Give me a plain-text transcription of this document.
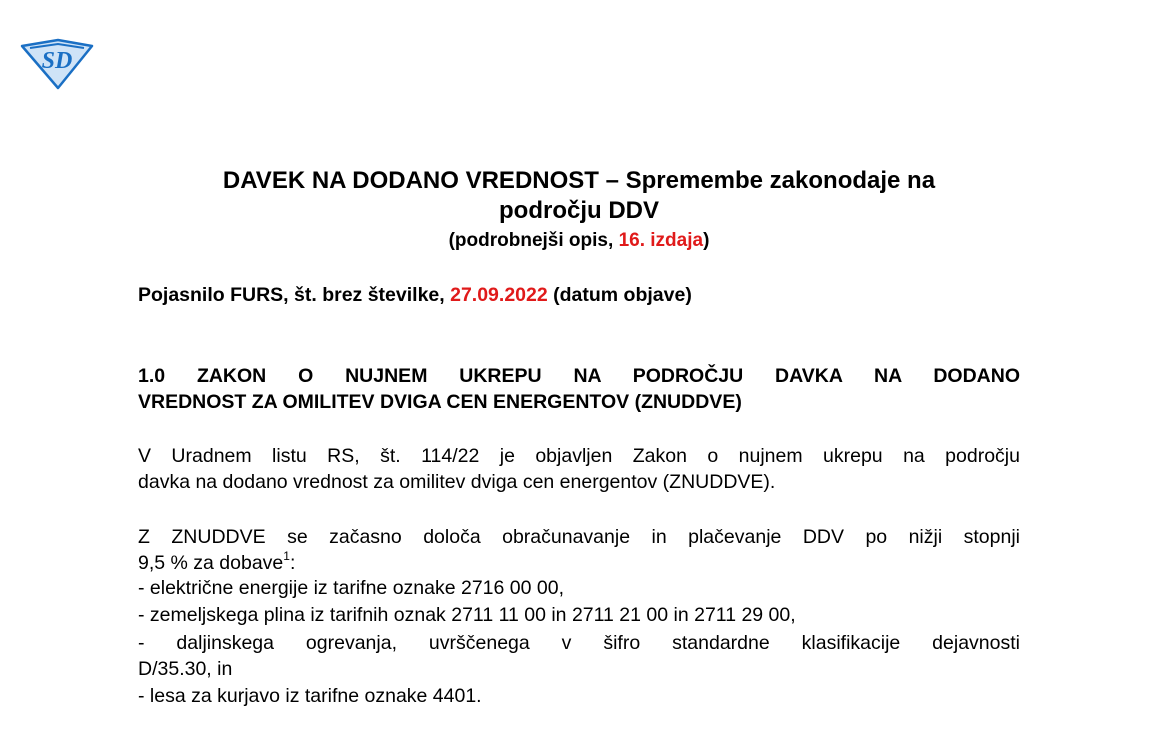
SD
DAVEK NA DODANO VREDNOST – Spremembe zakonodaje na
področju DDV
(podrobnejši opis, 16. izdaja)
Pojasnilo FURS, št. brez številke, 27.09.2022 (datum objave)
1.0 ZAKON O NUJNEM UKREPU NA PODROČJU DAVKA NA DODANO
VREDNOST ZA OMILITEV DVIGA CEN ENERGENTOV (ZNUDDVE)
V Uradnem listu RS, št. 114/22 je objavljen Zakon o nujnem ukrepu na področju
davka na dodano vrednost za omilitev dviga cen energentov (ZNUDDVE).
Z ZNUDDVE se začasno določa obračunavanje in plačevanje DDV po nižji stopnji
9,5 % za dobave$^1$:
- električne energije iz tarifne oznake 2716 00 00,
- zemeljskega plina iz tarifnih oznak 2711 11 00 in 2711 21 00 in 2711 29 00,
- daljinskega ogrevanja, uvrščenega v šifro standardne klasifikacije dejavnosti
D/35.30, in
- lesa za kurjavo iz tarifne oznake 4401.
